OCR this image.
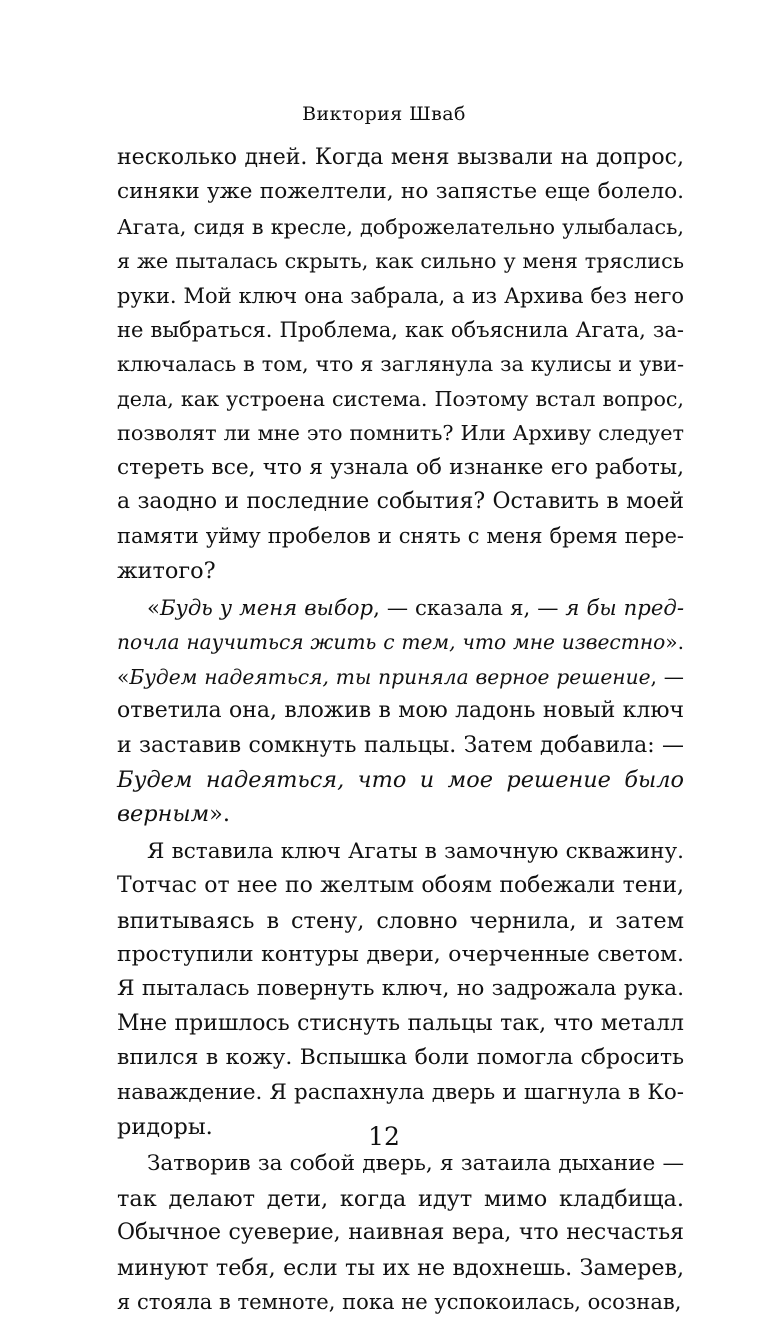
Виктория Шваб
несколько дней. Когда меня вызвали на допрос,
синяки уже пожелтели, но запястье еще болело.
Агата, сидя в кресле, доброжелательно улыбалась,
я же пыталась скрыть, как сильно у меня тряслись
руки. Мой ключ она забрала, а из Архива без него
не выбраться. Проблема, как объяснила Агата, за-
ключалась в том, что я заглянула за кулисы и уви-
дела, как устроена система. Поэтому встал вопрос,
позволят ли мне это помнить? Или Архиву следует
стереть все, что я узнала об изнанке его работы,
а заодно и последние события? Оставить в моей
памяти уйму пробелов и снять с меня бремя пере-
житого?
«Будь у меня выбор, — сказала я, — я бы пред-
почла научиться жить с тем, что мне известно».
«Будем надеяться, ты приняла верное решение, —
ответила она, вложив в мою ладонь новый ключ
и заставив сомкнуть пальцы. Затем добавила: —
Будем надеяться, что и мое решение было
верным».
Я вставила ключ Агаты в замочную скважину.
Тотчас от нее по желтым обоям побежали тени,
впитываясь в стену, словно чернила, и затем
проступили контуры двери, очерченные светом.
Я пыталась повернуть ключ, но задрожала рука.
Мне пришлось стиснуть пальцы так, что металл
впился в кожу. Вспышка боли помогла сбросить
наваждение. Я распахнула дверь и шагнула в Ко-
ридоры.
Затворив за собой дверь, я затаила дыхание —
так делают дети, когда идут мимо кладбища.
Обычное суеверие, наивная вера, что несчастья
минуют тебя, если ты их не вдохнешь. Замерев,
я стояла в темноте, пока не успокоилась, осознав,
12
